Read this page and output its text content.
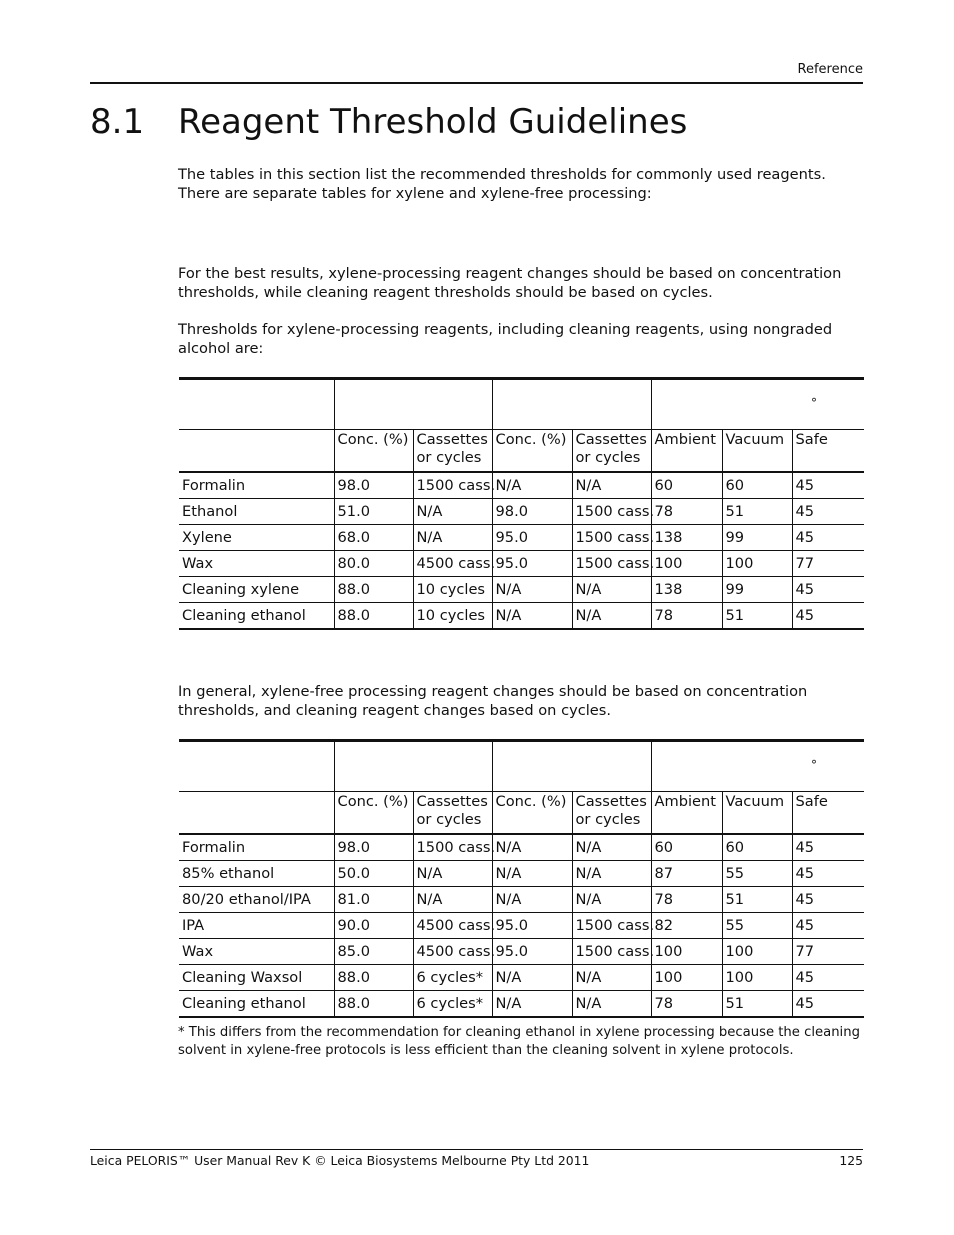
Reference
8.1 Reagent Threshold Guidelines

The tables in this section list the recommended thresholds for commonly used reagents. There are separate tables for xylene and xylene-free processing:

For the best results, xylene-processing reagent changes should be based on concentration thresholds, while cleaning reagent thresholds should be based on cycles.

Thresholds for xylene-processing reagents, including cleaning reagents, using nongraded alcohol are:

					°		

	Conc. (%)	Cassettes or cycles	Conc. (%)	Cassettes or cycles	Ambient	Vacuum	Safe
Formalin	98.0	1500 cass.	N/A	N/A	60	60	45
Ethanol	51.0	N/A	98.0	1500 cass.	78	51	45
Xylene	68.0	N/A	95.0	1500 cass.	138	99	45
Wax	80.0	4500 cass.	95.0	1500 cass.	100	100	77
Cleaning xylene	88.0	10 cycles	N/A	N/A	138	99	45
Cleaning ethanol	88.0	10 cycles	N/A	N/A	78	51	45

In general, xylene-free processing reagent changes should be based on concentration thresholds, and cleaning reagent changes based on cycles.

					°		

	Conc. (%)	Cassettes or cycles	Conc. (%)	Cassettes or cycles	Ambient	Vacuum	Safe
Formalin	98.0	1500 cass.	N/A	N/A	60	60	45
85% ethanol	50.0	N/A	N/A	N/A	87	55	45
80/20 ethanol/IPA	81.0	N/A	N/A	N/A	78	51	45
IPA	90.0	4500 cass.	95.0	1500 cass.	82	55	45
Wax	85.0	4500 cass.	95.0	1500 cass.	100	100	77
Cleaning Waxsol	88.0	6 cycles*	N/A	N/A	100	100	45
Cleaning ethanol	88.0	6 cycles*	N/A	N/A	78	51	45

* This differs from the recommendation for cleaning ethanol in xylene processing because the cleaning solvent in xylene-free protocols is less efficient than the cleaning solvent in xylene protocols.

Leica PELORIS™ User Manual Rev K © Leica Biosystems Melbourne Pty Ltd 2011	125
